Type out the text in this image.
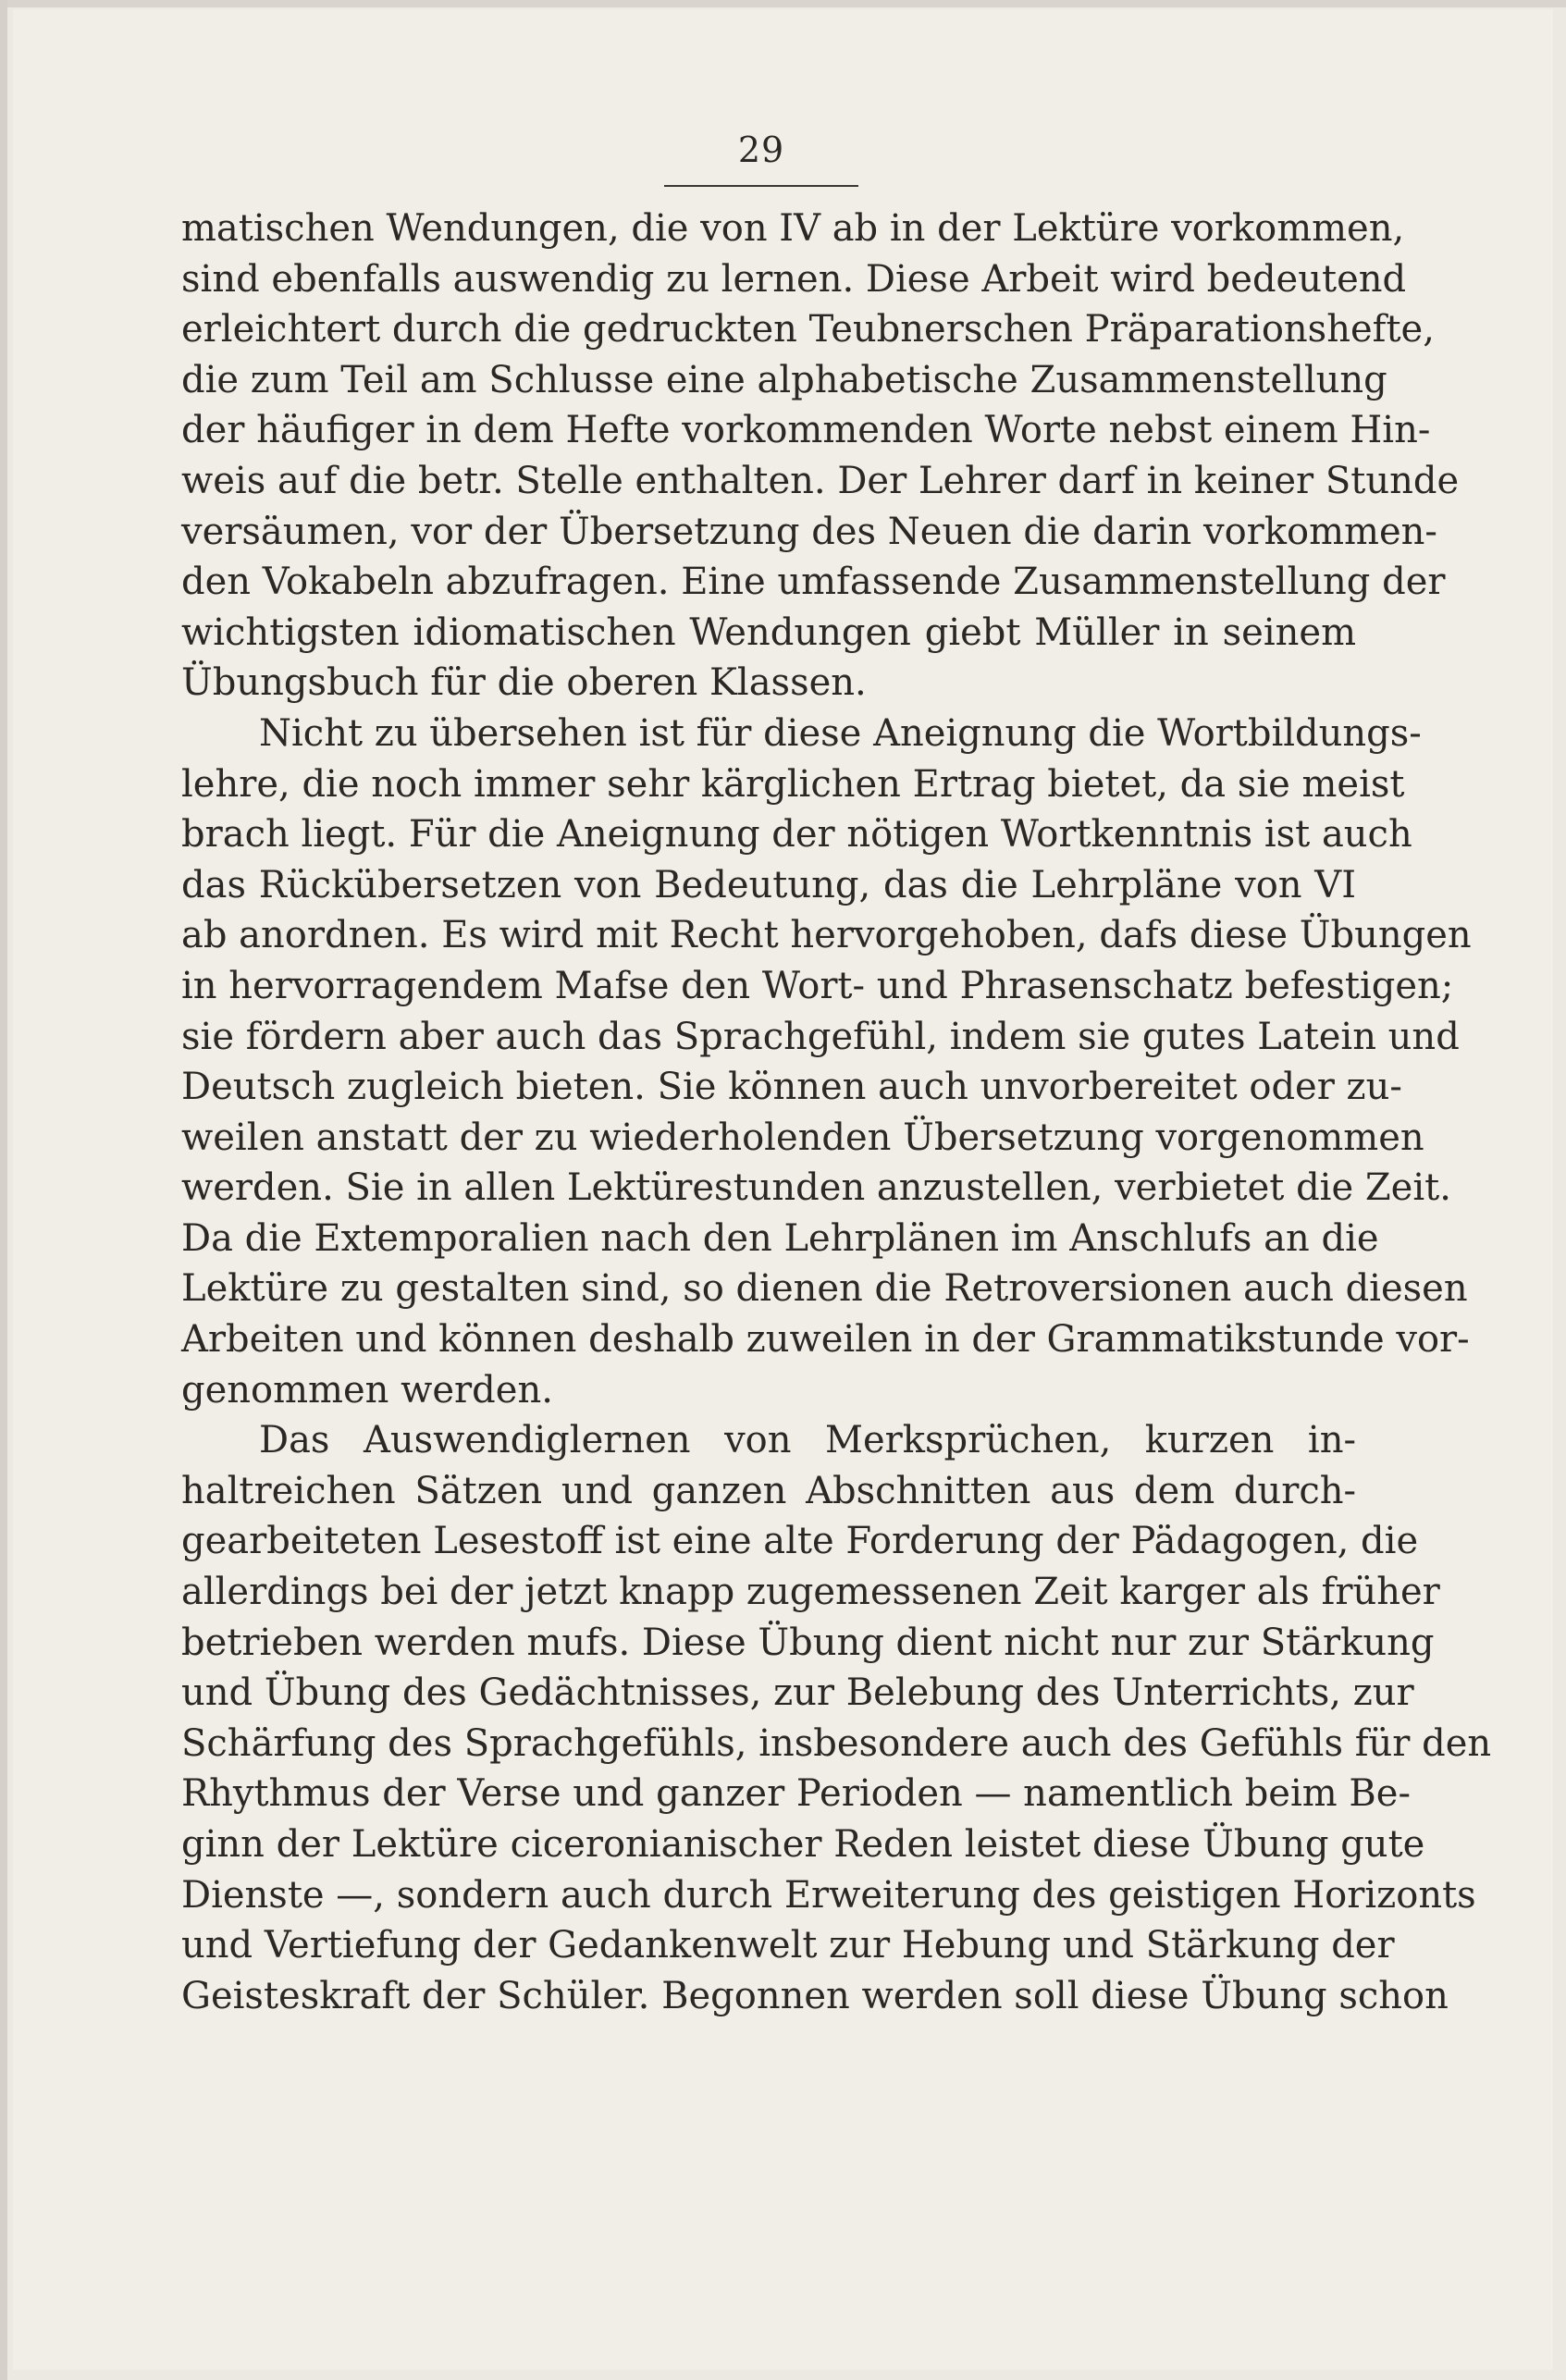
29
matischen Wendungen, die von IV ab in der Lektüre vorkommen,
sind ebenfalls auswendig zu lernen. Diese Arbeit wird bedeutend
erleichtert durch die gedruckten Teubnerschen Präparationshefte,
die zum Teil am Schlusse eine alphabetische Zusammenstellung
der häufiger in dem Hefte vorkommenden Worte nebst einem Hin-
weis auf die betr. Stelle enthalten. Der Lehrer darf in keiner Stunde
versäumen, vor der Übersetzung des Neuen die darin vorkommen-
den Vokabeln abzufragen. Eine umfassende Zusammenstellung der
wichtigsten idiomatischen Wendungen giebt Müller in seinem
Übungsbuch für die oberen Klassen.
Nicht zu übersehen ist für diese Aneignung die Wortbildungs-
lehre, die noch immer sehr kärglichen Ertrag bietet, da sie meist
brach liegt. Für die Aneignung der nötigen Wortkenntnis ist auch
das Rückübersetzen von Bedeutung, das die Lehrpläne von VI
ab anordnen. Es wird mit Recht hervorgehoben, dafs diese Übungen
in hervorragendem Mafse den Wort- und Phrasenschatz befestigen;
sie fördern aber auch das Sprachgefühl, indem sie gutes Latein und
Deutsch zugleich bieten. Sie können auch unvorbereitet oder zu-
weilen anstatt der zu wiederholenden Übersetzung vorgenommen
werden. Sie in allen Lektürestunden anzustellen, verbietet die Zeit.
Da die Extemporalien nach den Lehrplänen im Anschlufs an die
Lektüre zu gestalten sind, so dienen die Retroversionen auch diesen
Arbeiten und können deshalb zuweilen in der Grammatikstunde vor-
genommen werden.
Das Auswendiglernen von Merksprüchen, kurzen in-
haltreichen Sätzen und ganzen Abschnitten aus dem durch-
gearbeiteten Lesestoff ist eine alte Forderung der Pädagogen, die
allerdings bei der jetzt knapp zugemessenen Zeit karger als früher
betrieben werden mufs. Diese Übung dient nicht nur zur Stärkung
und Übung des Gedächtnisses, zur Belebung des Unterrichts, zur
Schärfung des Sprachgefühls, insbesondere auch des Gefühls für den
Rhythmus der Verse und ganzer Perioden — namentlich beim Be-
ginn der Lektüre ciceronianischer Reden leistet diese Übung gute
Dienste —, sondern auch durch Erweiterung des geistigen Horizonts
und Vertiefung der Gedankenwelt zur Hebung und Stärkung der
Geisteskraft der Schüler. Begonnen werden soll diese Übung schon
